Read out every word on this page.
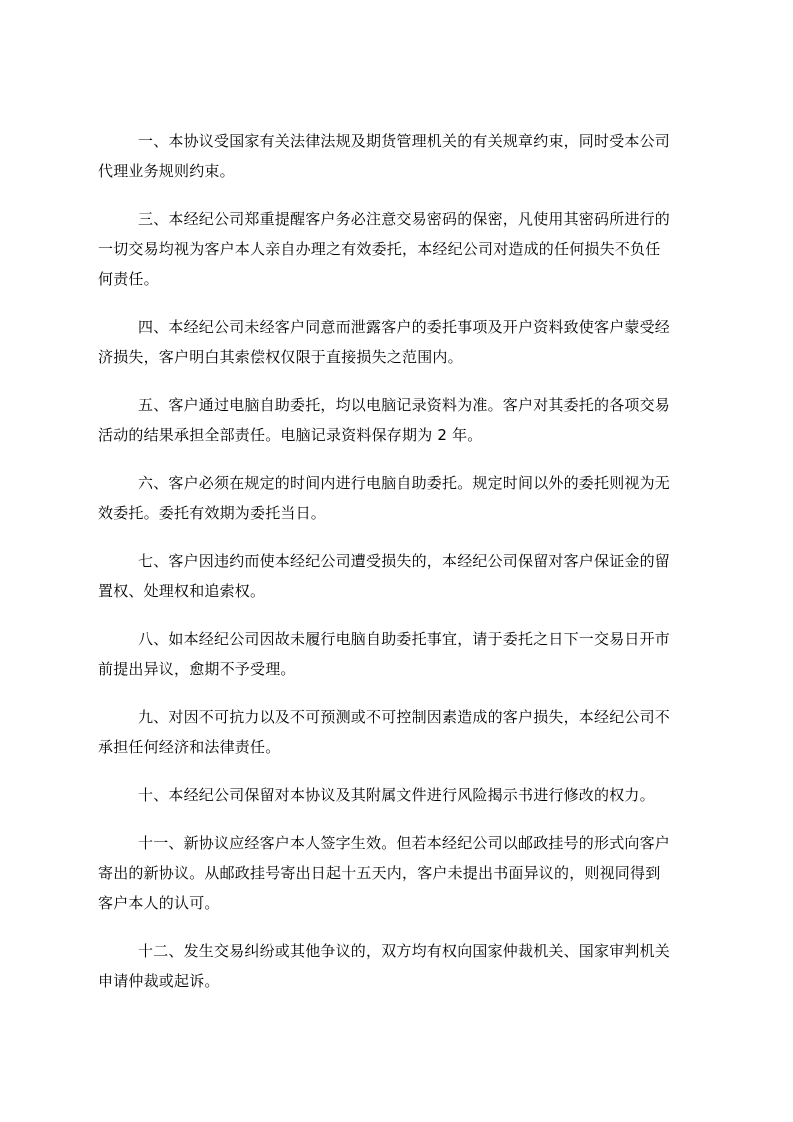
一、本协议受国家有关法律法规及期货管理机关的有关规章约束，同时受本公司
代理业务规则约束。

三、本经纪公司郑重提醒客户务必注意交易密码的保密，凡使用其密码所进行的
一切交易均视为客户本人亲自办理之有效委托，本经纪公司对造成的任何损失不负任
何责任。

四、本经纪公司未经客户同意而泄露客户的委托事项及开户资料致使客户蒙受经
济损失，客户明白其索偿权仅限于直接损失之范围内。

五、客户通过电脑自助委托，均以电脑记录资料为准。客户对其委托的各项交易
活动的结果承担全部责任。电脑记录资料保存期为 2 年。

六、客户必须在规定的时间内进行电脑自助委托。规定时间以外的委托则视为无
效委托。委托有效期为委托当日。

七、客户因违约而使本经纪公司遭受损失的，本经纪公司保留对客户保证金的留
置权、处理权和追索权。

八、如本经纪公司因故未履行电脑自助委托事宜，请于委托之日下一交易日开市
前提出异议，愈期不予受理。

九、对因不可抗力以及不可预测或不可控制因素造成的客户损失，本经纪公司不
承担任何经济和法律责任。

十、本经纪公司保留对本协议及其附属文件进行风险揭示书进行修改的权力。

十一、新协议应经客户本人签字生效。但若本经纪公司以邮政挂号的形式向客户
寄出的新协议。从邮政挂号寄出日起十五天内，客户未提出书面异议的，则视同得到
客户本人的认可。

十二、发生交易纠纷或其他争议的，双方均有权向国家仲裁机关、国家审判机关
申请仲裁或起诉。
